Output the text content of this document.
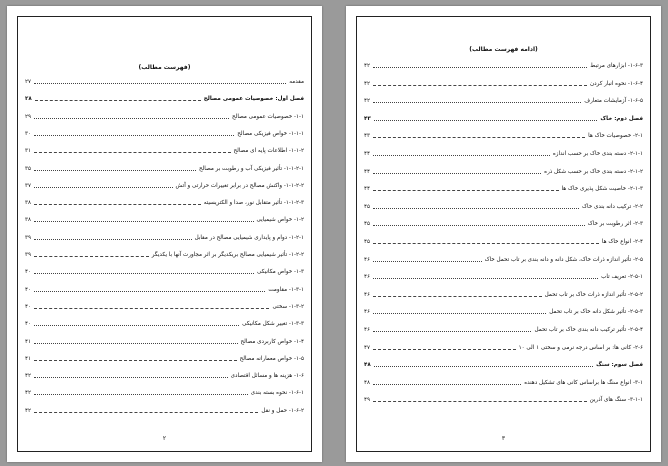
(فهرست مطالب)
مقدمه
۲۷
فصل اول: خصوصیات عمومی مصالح
۲۸
۱-۱- خصوصیات عمومی مصالح
۲۹
۱-۱-۱- خواص فیزیکی مصالح
۳۰
۱-۱-۲- اطلاعات پایه ای مصالح
۳۱
۱-۱-۲-۱- تأثیر فیزیکی آب و رطوبت بر مصالح
۳۵
۱-۱-۲-۲- واکنش مصالح در برابر تغییرات حرارتی و آتش
۳۷
۱-۱-۲-۳- تأثیر متقابل نور، صدا و الکتریسیته
۳۸
۱-۲- خواص شیمیایی
۳۸
۱-۲-۱- دوام و پایداری شیمیایی مصالح در مقابل
۳۹
۱-۲-۲- تأثیر شیمیایی مصالح بریکدیگر بر اثر مجاورت آنها با یکدیگر
۳۹
۱-۳- خواص مکانیکی
۴۰
۱-۳-۱- مقاومت
۴۰
۱-۳-۲- سختی
۴۰
۱-۳-۳- تغییر شکل مکانیکی
۴۰
۱-۴- خواص کاربردی مصالح
۴۱
۱-۵- خواص معمارانه مصالح
۴۱
۱-۶- هزینه ها و مسائل اقتصادی
۴۲
۱-۶-۱- نحوه بسته بندی
۴۲
۱-۶-۲- حمل و نقل
۴۲
۲
(ادامه فهرست مطالب)
۱-۶-۳- ابزارهای مرتبط
۴۲
۱-۶-۴- نحوه انبار کردن
۴۲
۱-۶-۵- آزمایشات متعارف
۴۲
فصل دوم: خاک
۴۳
۲-۱- خصوصیات خاک ها
۴۳
۲-۱-۱- دسته بندی خاک بر حسب اندازه
۴۴
۲-۱-۲- دسته بندی خاک بر حسب شکل ذره
۴۴
۲-۱-۳- خاصیت شکل پذیری خاک ها
۴۴
۲-۲- ترکیب دانه بندی خاک
۴۵
۲-۳- اثر رطوبت بر خاک
۴۵
۲-۴- انواع خاک ها
۴۵
۲-۵- تأثیر اندازه ذرات خاک، شکل دانه و دانه بندی بر تاب تحمل خاک
۴۶
۲-۵-۱- تعریف تاب
۴۶
۲-۵-۲- تأثیر اندازه ذرات خاک بر تاب تحمل
۴۶
۲-۵-۳- تأثیر شکل دانه خاک بر تاب تحمل
۴۶
۲-۵-۴- تأثیر ترکیب دانه بندی خاک بر تاب تحمل
۴۶
۲-۶- کانی ها: بر اساس درجه نرمی و سختی ۱ الی ۱۰
۴۷
فصل سوم: سنگ
۴۸
۳-۱- انواع سنگ ها براساس کانی های تشکیل دهنده
۴۸
۳-۱-۱- سنگ های آذرین
۴۹
۳
